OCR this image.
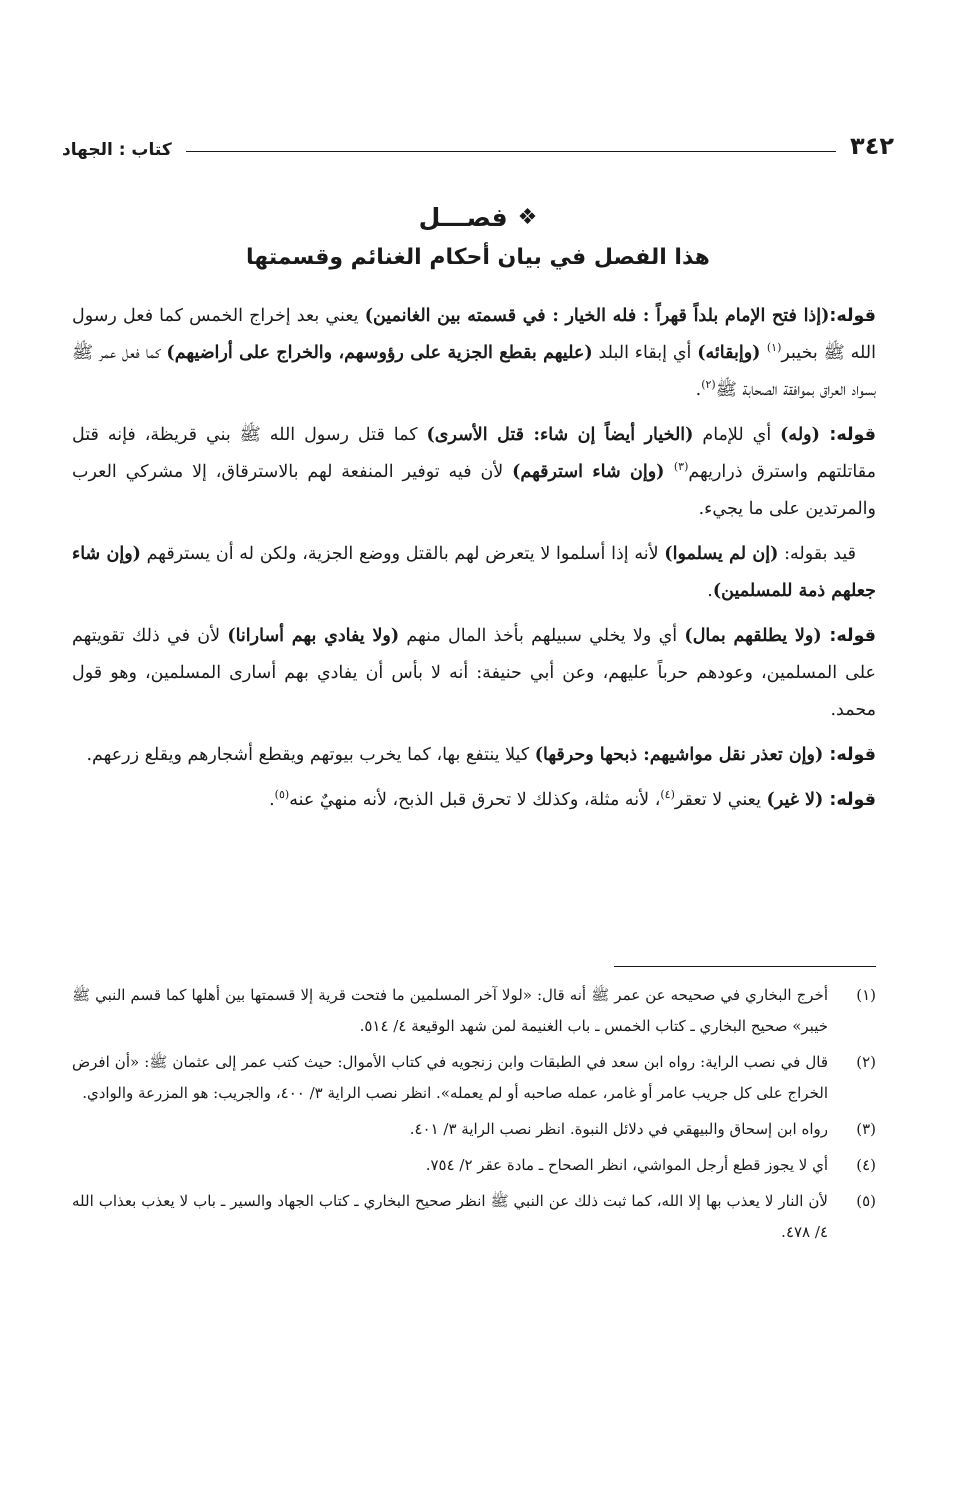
٣٤٢
كتاب : الجهاد
❖
فصـــل
هذا الفصل في بيان أحكام الغنائم وقسمتها

قوله:(إذا فتح الإمام بلداً قهراً : فله الخيار : في قسمته بين الغانمين) يعني بعد إخراج الخمس كما فعل رسول الله ﷺ بخيبر$^{(١)}$ (وإبقائه) أي إبقاء البلد (عليهم بقطع الجزية على رؤوسهم، والخراج على أراضيهم) كما فعل عمر ﷺ بسواد العراق بموافقة الصحابة ﷺ$^{(٢)}$.

قوله: (وله) أي للإمام (الخيار أيضاً إن شاء: قتل الأسرى) كما قتل رسول الله ﷺ بني قريظة، فإنه قتل مقاتلتهم واسترق ذراريهم$^{(٣)}$ (وإن شاء استرقهم) لأن فيه توفير المنفعة لهم بالاسترقاق، إلا مشركي العرب والمرتدين على ما يجيء.

قيد بقوله: (إن لم يسلموا) لأنه إذا أسلموا لا يتعرض لهم بالقتل ووضع الجزية، ولكن له أن يسترقهم (وإن شاء جعلهم ذمة للمسلمين).

قوله: (ولا يطلقهم بمال) أي ولا يخلي سبيلهم بأخذ المال منهم (ولا يفادي بهم أسارانا) لأن في ذلك تقويتهم على المسلمين، وعودهم حرباً عليهم، وعن أبي حنيفة: أنه لا بأس أن يفادي بهم أسارى المسلمين، وهو قول محمد.

قوله: (وإن تعذر نقل مواشيهم: ذبحها وحرقها) كيلا ينتفع بها، كما يخرب بيوتهم ويقطع أشجارهم ويقلع زرعهم.

قوله: (لا غير) يعني لا تعقر$^{(٤)}$، لأنه مثلة، وكذلك لا تحرق قبل الذبح، لأنه منهيٌ عنه$^{(٥)}$.

(١)
أخرج البخاري في صحيحه عن عمر ﷺ أنه قال: «لولا آخر المسلمين ما فتحت قرية إلا قسمتها بين أهلها كما قسم النبي ﷺ خيبر» صحيح البخاري ـ كتاب الخمس ـ باب الغنيمة لمن شهد الوقيعة ٤/ ٥١٤.
(٢)
قال في نصب الراية: رواه ابن سعد في الطبقات وابن زنجويه في كتاب الأموال: حيث كتب عمر إلى عثمان ﷺ: «أن افرض الخراج على كل جريب عامر أو غامر، عمله صاحبه أو لم يعمله». انظر نصب الراية ٣/ ٤٠٠، والجريب: هو المزرعة والوادي.
(٣)
رواه ابن إسحاق والبيهقي في دلائل النبوة. انظر نصب الراية ٣/ ٤٠١.
(٤)
أي لا يجوز قطع أرجل المواشي، انظر الصحاح ـ مادة عقر ٢/ ٧٥٤.
(٥)
لأن النار لا يعذب بها إلا الله، كما ثبت ذلك عن النبي ﷺ انظر صحيح البخاري ـ كتاب الجهاد والسير ـ باب لا يعذب بعذاب الله ٤/ ٤٧٨.
